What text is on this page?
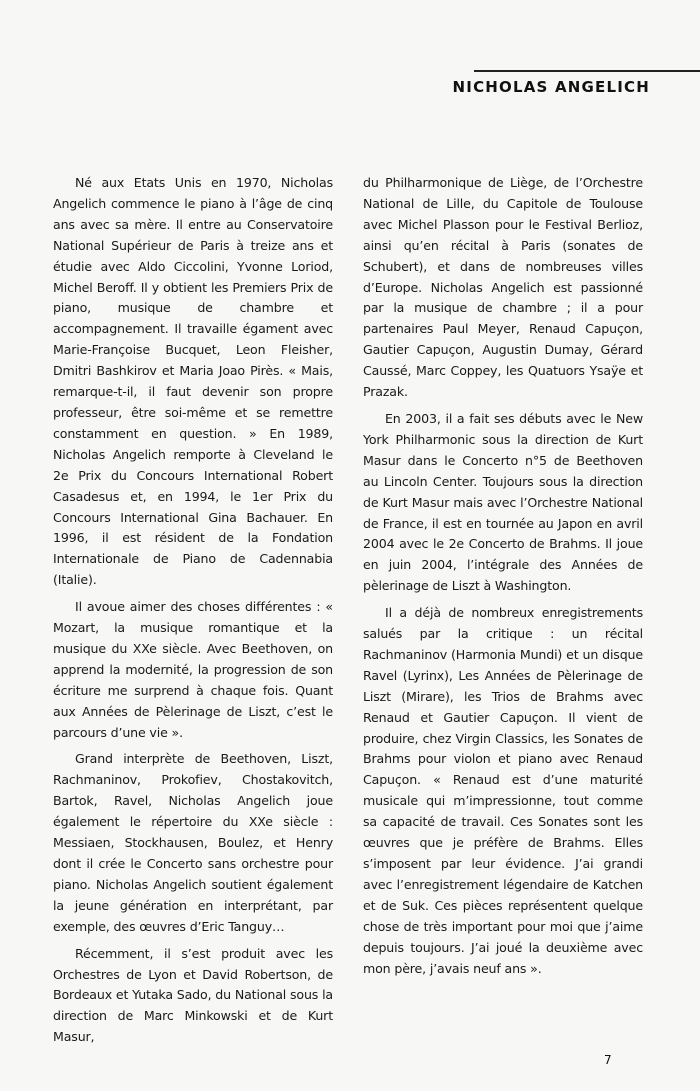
NICHOLAS ANGELICH

Né aux Etats Unis en 1970, Nicholas Angelich commence le piano à l’âge de cinq ans avec sa mère. Il entre au Conservatoire National Supérieur de Paris à treize ans et étudie avec Aldo Ciccolini, Yvonne Loriod, Michel Beroff. Il y obtient les Premiers Prix de piano, musique de chambre et accompagnement. Il travaille égament avec Marie-Françoise Bucquet, Leon Fleisher, Dmitri Bashkirov et Maria Joao Pirès. « Mais, remarque-t-il, il faut devenir son propre professeur, être soi-même et se remettre constamment en question. » En 1989, Nicholas Angelich remporte à Cleveland le 2e Prix du Concours International Robert Casadesus et, en 1994, le 1er Prix du Concours International Gina Bachauer. En 1996, il est résident de la Fondation Internationale de Piano de Cadennabia (Italie).

Il avoue aimer des choses différentes : « Mozart, la musique romantique et la musique du XXe siècle. Avec Beethoven, on apprend la modernité, la progression de son écriture me surprend à chaque fois. Quant aux Années de Pèlerinage de Liszt, c’est le parcours d’une vie ».

Grand interprète de Beethoven, Liszt, Rachmaninov, Prokofiev, Chostakovitch, Bartok, Ravel, Nicholas Angelich joue également le répertoire du XXe siècle : Messiaen, Stockhausen, Boulez, et Henry dont il crée le Concerto sans orchestre pour piano. Nicholas Angelich soutient également la jeune génération en interprétant, par exemple, des œuvres d’Eric Tanguy…

Récemment, il s’est produit avec les Orchestres de Lyon et David Robertson, de Bordeaux et Yutaka Sado, du National sous la direction de Marc Minkowski et de Kurt Masur,

du Philharmonique de Liège, de l’Orchestre National de Lille, du Capitole de Toulouse avec Michel Plasson pour le Festival Berlioz, ainsi qu’en récital à Paris (sonates de Schubert), et dans de nombreuses villes d’Europe. Nicholas Angelich est passionné par la musique de chambre ; il a pour partenaires Paul Meyer, Renaud Capuçon, Gautier Capuçon, Augustin Dumay, Gérard Caussé, Marc Coppey, les Quatuors Ysaÿe et Prazak.

En 2003, il a fait ses débuts avec le New York Philharmonic sous la direction de Kurt Masur dans le Concerto n°5 de Beethoven au Lincoln Center. Toujours sous la direction de Kurt Masur mais avec l’Orchestre National de France, il est en tournée au Japon en avril 2004 avec le 2e Concerto de Brahms. Il joue en juin 2004, l’intégrale des Années de pèlerinage de Liszt à Washington.

Il a déjà de nombreux enregistrements salués par la critique : un récital Rachmaninov (Harmonia Mundi) et un disque Ravel (Lyrinx), Les Années de Pèlerinage de Liszt (Mirare), les Trios de Brahms avec Renaud et Gautier Capuçon. Il vient de produire, chez Virgin Classics, les Sonates de Brahms pour violon et piano avec Renaud Capuçon. « Renaud est d’une maturité musicale qui m’impressionne, tout comme sa capacité de travail. Ces Sonates sont les œuvres que je préfère de Brahms. Elles s’imposent par leur évidence. J’ai grandi avec l’enregistrement légendaire de Katchen et de Suk. Ces pièces représentent quelque chose de très important pour moi que j’aime depuis toujours. J’ai joué la deuxième avec mon père, j’avais neuf ans ».

7
